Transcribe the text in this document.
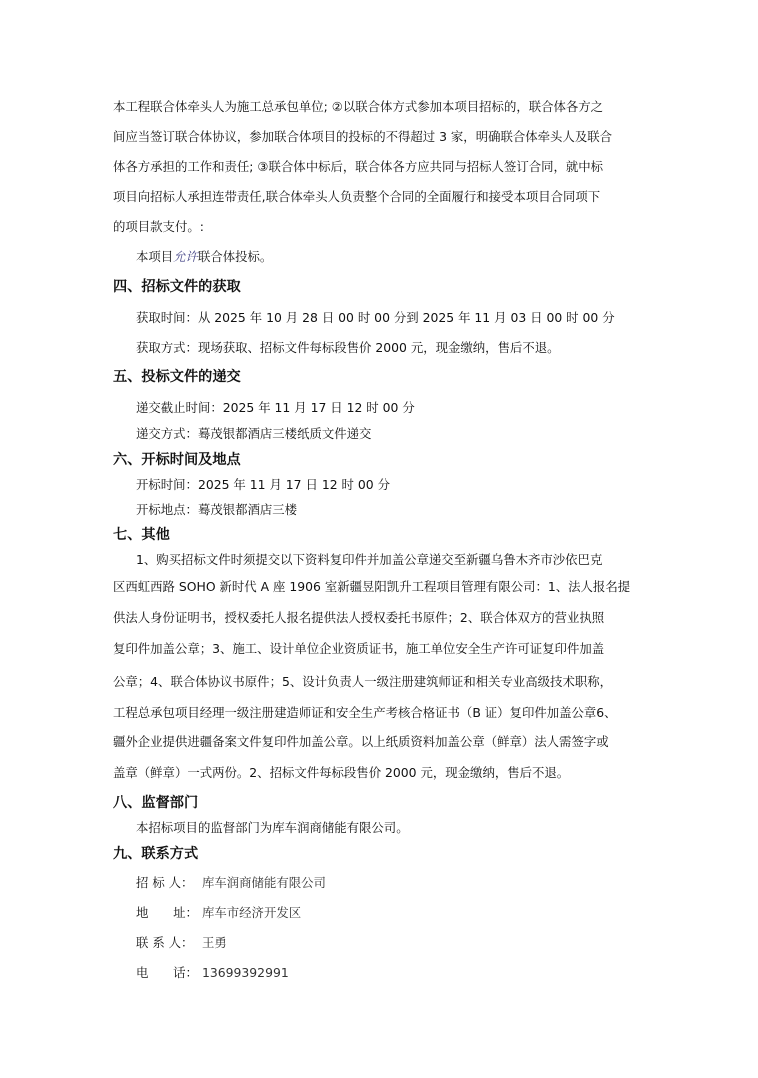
本工程联合体牵头人为施工总承包单位; ②以联合体方式参加本项目招标的，联合体各方之
间应当签订联合体协议，参加联合体项目的投标的不得超过 3 家，明确联合体牵头人及联合
体各方承担的工作和责任; ③联合体中标后，联合体各方应共同与招标人签订合同，就中标
项目向招标人承担连带责任,联合体牵头人负责整个合同的全面履行和接受本项目合同项下
的项目款支付。:
本项目允许联合体投标。
四、招标文件的获取
获取时间：从 2025 年 10 月 28 日 00 时 00 分到 2025 年 11 月 03 日 00 时 00 分
获取方式：现场获取、招标文件每标段售价 2000 元，现金缴纳，售后不退。
五、投标文件的递交
递交截止时间：2025 年 11 月 17 日 12 时 00 分
递交方式：蓦茂银都酒店三楼纸质文件递交
六、开标时间及地点
开标时间：2025 年 11 月 17 日 12 时 00 分
开标地点：蓦茂银都酒店三楼
七、其他
1、购买招标文件时须提交以下资料复印件并加盖公章递交至新疆乌鲁木齐市沙依巴克
区西虹西路 SOHO 新时代 A 座 1906 室新疆昱阳凯升工程项目管理有限公司：1、法人报名提
供法人身份证明书，授权委托人报名提供法人授权委托书原件；2、联合体双方的营业执照
复印件加盖公章；3、施工、设计单位企业资质证书，施工单位安全生产许可证复印件加盖
公章；4、联合体协议书原件；5、设计负责人一级注册建筑师证和相关专业高级技术职称，
工程总承包项目经理一级注册建造师证和安全生产考核合格证书（B 证）复印件加盖公章6、
疆外企业提供进疆备案文件复印件加盖公章。以上纸质资料加盖公章（鲜章）法人需签字或
盖章（鲜章）一式两份。2、招标文件每标段售价 2000 元，现金缴纳，售后不退。
八、监督部门
本招标项目的监督部门为库车润商储能有限公司。
九、联系方式
招 标 人： 库车润商储能有限公司
地　　址： 库车市经济开发区
联 系 人： 王勇
电　　话： 13699392991
